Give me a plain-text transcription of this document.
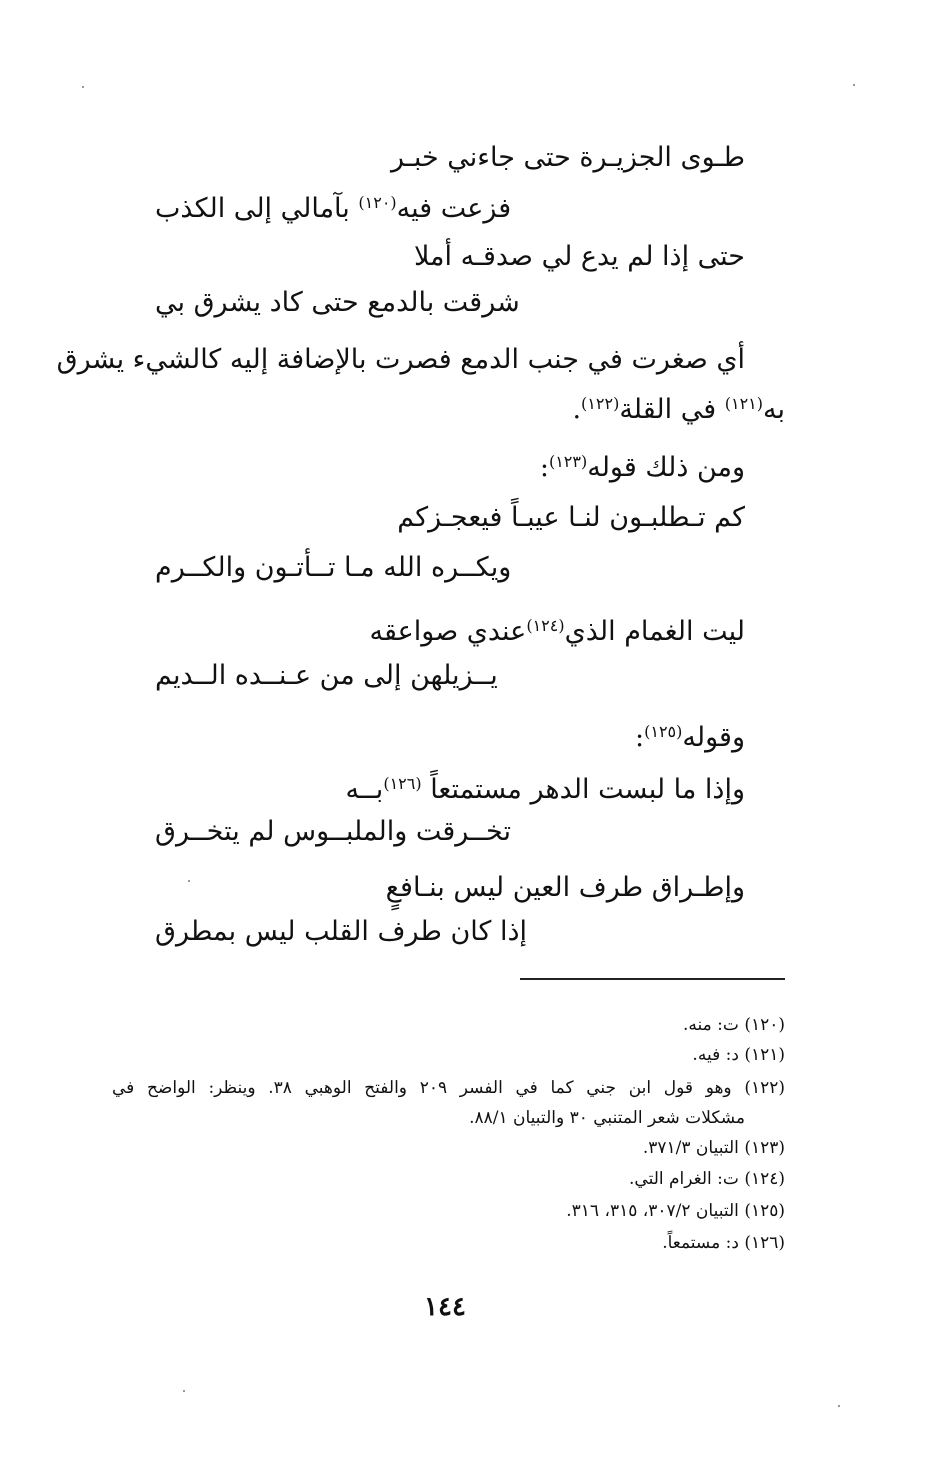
طـوى الجزيـرة حتى جاءني خبـر
فزعت فيه$^{(١٢٠)}$ بآمالي إلى الكذب
حتى إذا لم يدع لي صدقـه أملا
شرقت بالدمع حتى كاد يشرق بي
أي صغرت في جنب الدمع فصرت بالإضافة إليه كالشيء يشرق
به$^{(١٢١)}$ في القلة$^{(١٢٢)}$.
ومن ذلك قوله$^{(١٢٣)}$:
كم تـطلبـون لنـا عيبـاً فيعجـزكم
ويكــره الله مـا تــأتـون والكــرم
ليت الغمام الذي$^{(١٢٤)}$عندي صواعقه
يــزيلهن إلى من عـنــده الــديم
وقوله$^{(١٢٥)}$:
وإذا ما لبست الدهر مستمتعاً $^{(١٢٦)}$بــه
تخــرقت والملبــوس لم يتخــرق
وإطـراق طرف العين ليس بنـافعٍ
إذا كان طرف القلب ليس بمطرق
(١٢٠) ت: منه.
(١٢١) د: فيه.
(١٢٢) وهو قول ابن جني كما في الفسر ٢٠٩ والفتح الوهبي ٣٨. وينظر: الواضح في
مشكلات شعر المتنبي ٣٠ والتبيان ٨٨/١.
(١٢٣) التبيان ٣٧١/٣.
(١٢٤) ت: الغرام التي.
(١٢٥) التبيان ٣٠٧/٢، ٣١٥، ٣١٦.
(١٢٦) د: مستمعاً.
١٤٤
